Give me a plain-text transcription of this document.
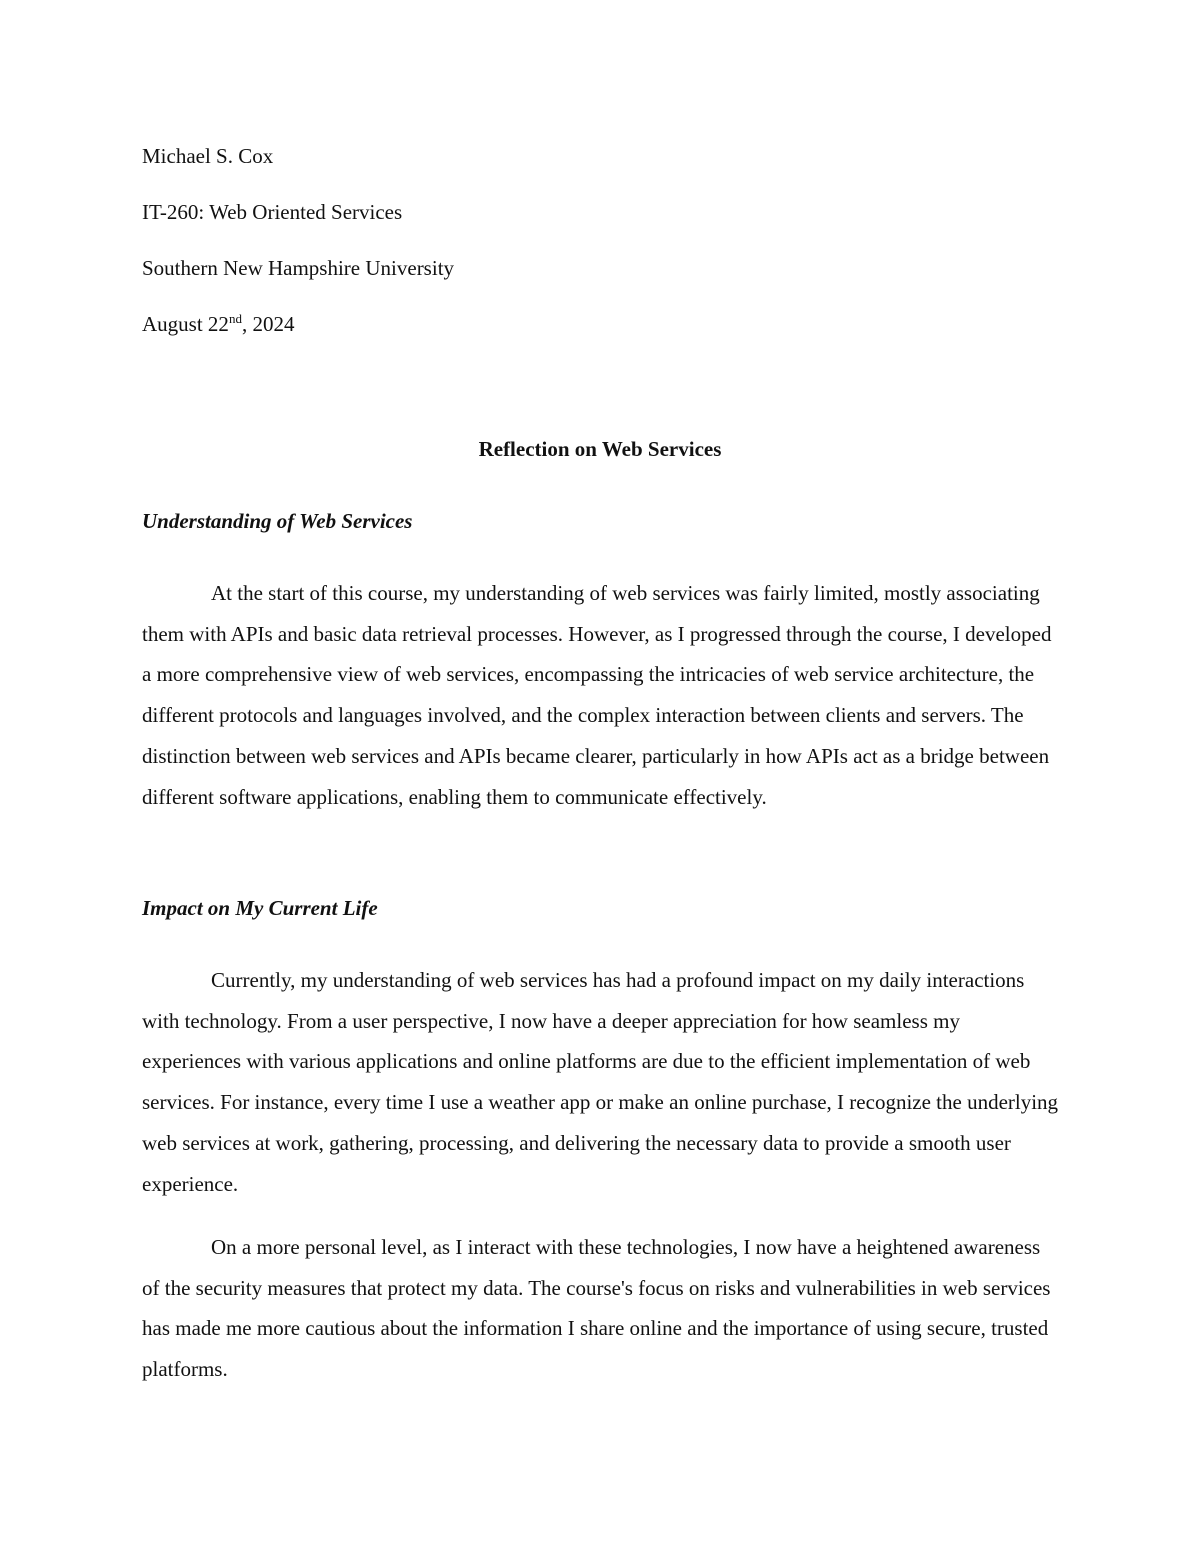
Michael S. Cox
IT-260: Web Oriented Services
Southern New Hampshire University
August 22nd, 2024
Reflection on Web Services
Understanding of Web Services

At the start of this course, my understanding of web services was fairly limited, mostly associating them with APIs and basic data retrieval processes. However, as I progressed through the course, I developed a more comprehensive view of web services, encompassing the intricacies of web service architecture, the different protocols and languages involved, and the complex interaction between clients and servers. The distinction between web services and APIs became clearer, particularly in how APIs act as a bridge between different software applications, enabling them to communicate effectively.

Impact on My Current Life

Currently, my understanding of web services has had a profound impact on my daily interactions with technology. From a user perspective, I now have a deeper appreciation for how seamless my experiences with various applications and online platforms are due to the efficient implementation of web services. For instance, every time I use a weather app or make an online purchase, I recognize the underlying web services at work, gathering, processing, and delivering the necessary data to provide a smooth user experience.

On a more personal level, as I interact with these technologies, I now have a heightened awareness of the security measures that protect my data. The course's focus on risks and vulnerabilities in web services has made me more cautious about the information I share online and the importance of using secure, trusted platforms.
